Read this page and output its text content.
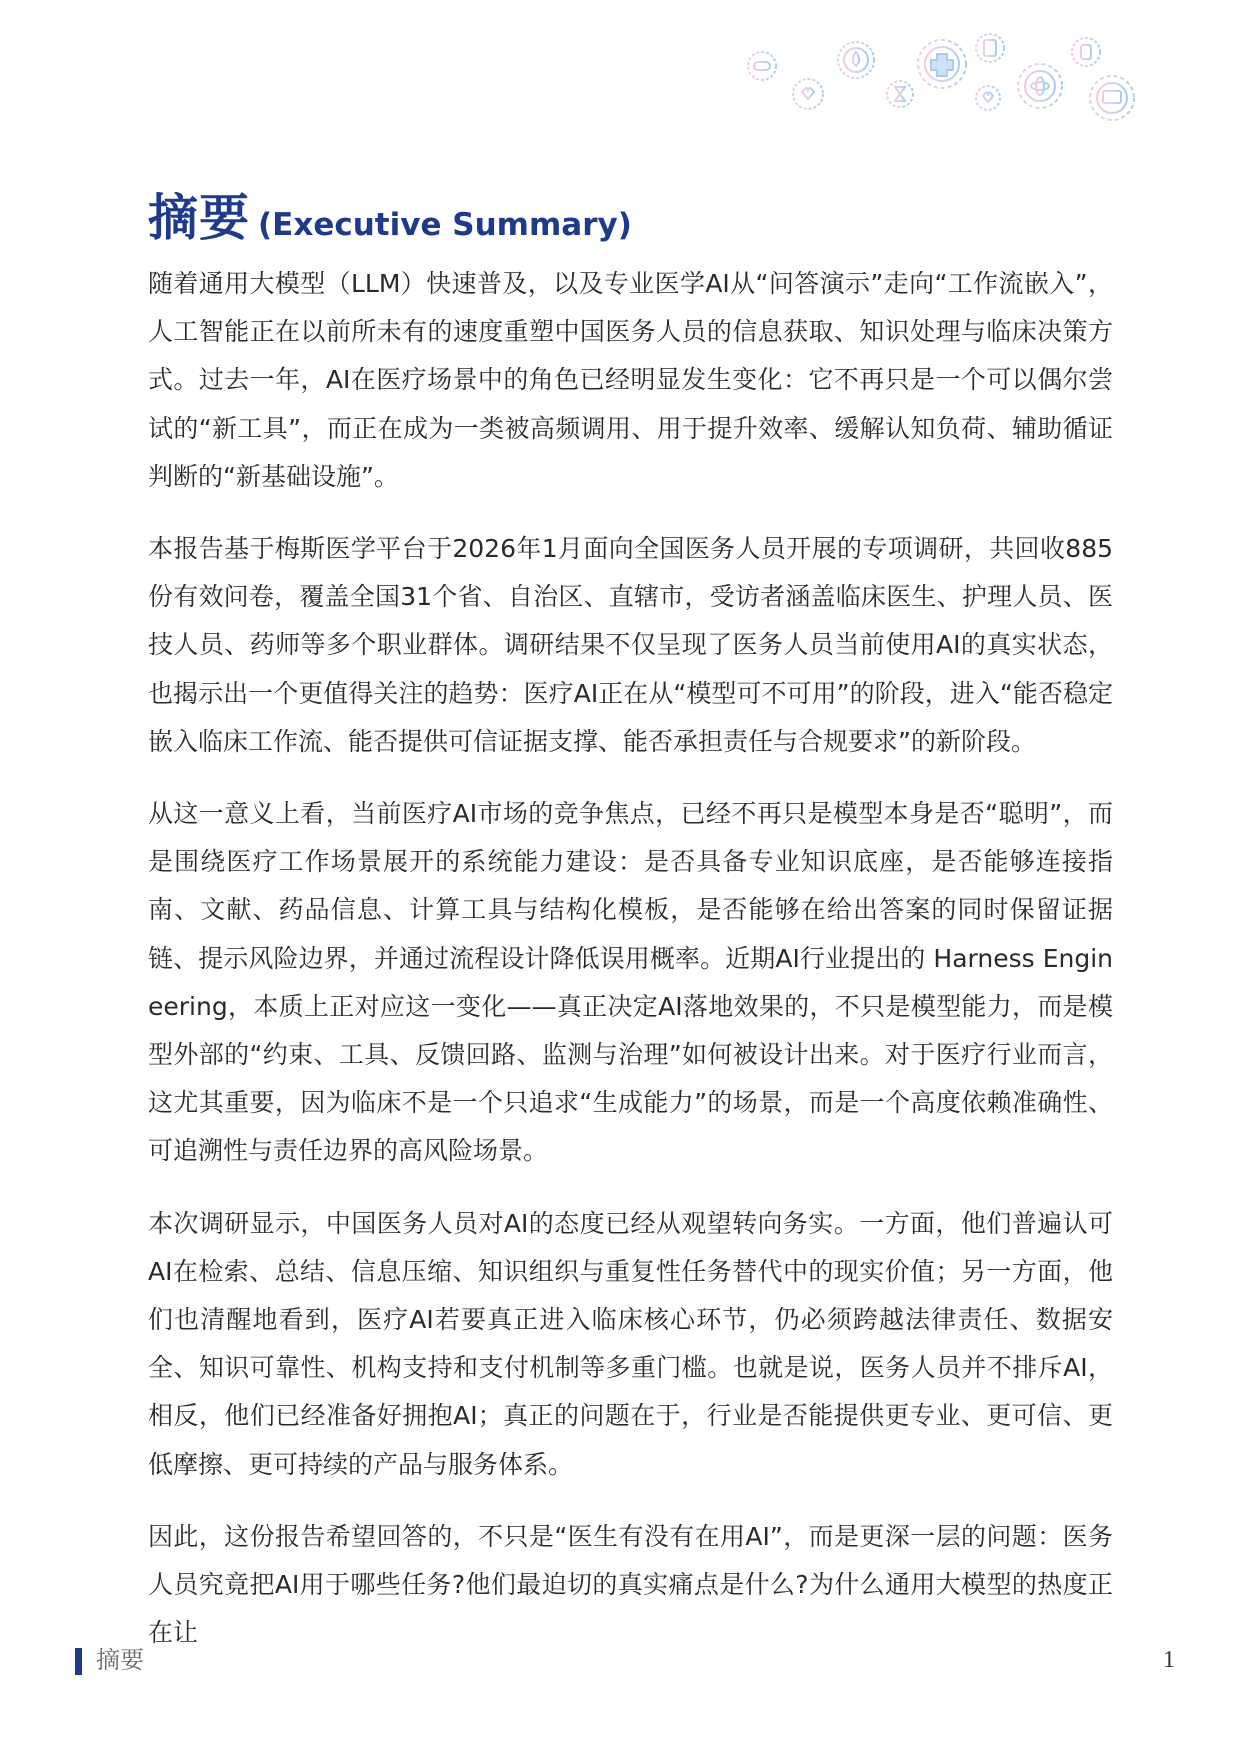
摘要 (Executive Summary)

随着通用大模型（LLM）快速普及，以及专业医学AI从“问答演示”走向“工作流嵌入”，人工智能正在以前所未有的速度重塑中国医务人员的信息获取、知识处理与临床决策方式。过去一年，AI在医疗场景中的角色已经明显发生变化：它不再只是一个可以偶尔尝试的“新工具”，而正在成为一类被高频调用、用于提升效率、缓解认知负荷、辅助循证判断的“新基础设施”。

本报告基于梅斯医学平台于2026年1月面向全国医务人员开展的专项调研，共回收885份有效问卷，覆盖全国31个省、自治区、直辖市，受访者涵盖临床医生、护理人员、医技人员、药师等多个职业群体。调研结果不仅呈现了医务人员当前使用AI的真实状态，也揭示出一个更值得关注的趋势：医疗AI正在从“模型可不可用”的阶段，进入“能否稳定嵌入临床工作流、能否提供可信证据支撑、能否承担责任与合规要求”的新阶段。

从这一意义上看，当前医疗AI市场的竞争焦点，已经不再只是模型本身是否“聪明”，而是围绕医疗工作场景展开的系统能力建设：是否具备专业知识底座，是否能够连接指南、文献、药品信息、计算工具与结构化模板，是否能够在给出答案的同时保留证据链、提示风险边界，并通过流程设计降低误用概率。近期AI行业提出的 Harness Engineering，本质上正对应这一变化——真正决定AI落地效果的，不只是模型能力，而是模型外部的“约束、工具、反馈回路、监测与治理”如何被设计出来。对于医疗行业而言，这尤其重要，因为临床不是一个只追求“生成能力”的场景，而是一个高度依赖准确性、可追溯性与责任边界的高风险场景。

本次调研显示，中国医务人员对AI的态度已经从观望转向务实。一方面，他们普遍认可AI在检索、总结、信息压缩、知识组织与重复性任务替代中的现实价值；另一方面，他们也清醒地看到，医疗AI若要真正进入临床核心环节，仍必须跨越法律责任、数据安全、知识可靠性、机构支持和支付机制等多重门槛。也就是说，医务人员并不排斥AI，相反，他们已经准备好拥抱AI；真正的问题在于，行业是否能提供更专业、更可信、更低摩擦、更可持续的产品与服务体系。

因此，这份报告希望回答的，不只是“医生有没有在用AI”，而是更深一层的问题：医务人员究竟把AI用于哪些任务?他们最迫切的真实痛点是什么?为什么通用大模型的热度正在让

摘要	1
